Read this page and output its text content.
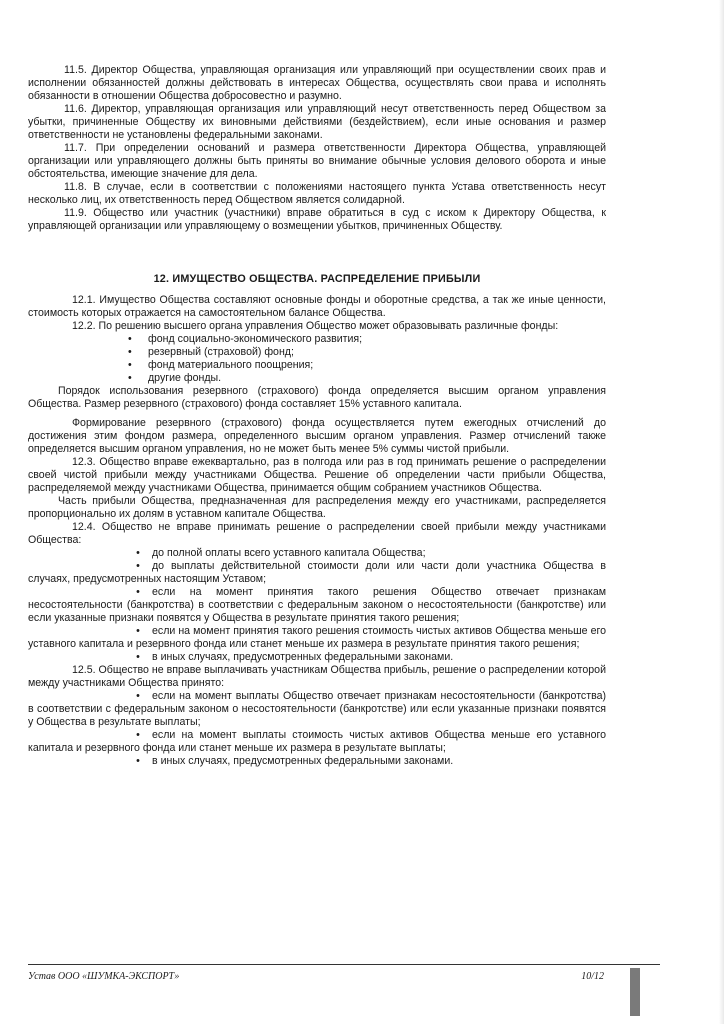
11.5. Директор Общества, управляющая организация или управляющий при осуществлении своих прав и исполнении обязанностей должны действовать в интересах Общества, осуществлять свои права и исполнять обязанности в отношении Общества добросовестно и разумно.

11.6. Директор, управляющая организация или управляющий несут ответственность перед Обществом за убытки, причиненные Обществу их виновными действиями (бездействием), если иные основания и размер ответственности не установлены федеральными законами.

11.7. При определении оснований и размера ответственности Директора Общества, управляющей организации или управляющего должны быть приняты во внимание обычные условия делового оборота и иные обстоятельства, имеющие значение для дела.

11.8. В случае, если в соответствии с положениями настоящего пункта Устава ответственность несут несколько лиц, их ответственность перед Обществом является солидарной.

11.9. Общество или участник (участники) вправе обратиться в суд с иском к Директору Общества, к управляющей организации или управляющему о возмещении убытков, причиненных Обществу.

12. ИМУЩЕСТВО ОБЩЕСТВА. РАСПРЕДЕЛЕНИЕ ПРИБЫЛИ

12.1. Имущество Общества составляют основные фонды и оборотные средства, а так же иные ценности, стоимость которых отражается на самостоятельном балансе Общества.

12.2. По решению высшего органа управления Общество может образовывать различные фонды:

• фонд социально-экономического развития;
• резервный (страховой) фонд;
• фонд материального поощрения;
• другие фонды.

Порядок использования резервного (страхового) фонда определяется высшим органом управления Общества. Размер резервного (страхового) фонда составляет 15% уставного капитала.

Формирование резервного (страхового) фонда осуществляется путем ежегодных отчислений до достижения этим фондом размера, определенного высшим органом управления. Размер отчислений также определяется высшим органом управления, но не может быть менее 5% суммы чистой прибыли.

12.3. Общество вправе ежеквартально, раз в полгода или раз в год принимать решение о распределении своей чистой прибыли между участниками Общества. Решение об определении части прибыли Общества, распределяемой между участниками Общества, принимается общим собранием участников Общества.

Часть прибыли Общества, предназначенная для распределения между его участниками, распределяется пропорционально их долям в уставном капитале Общества.

12.4. Общество не вправе принимать решение о распределении своей прибыли между участниками Общества:

• до полной оплаты всего уставного капитала Общества;

• до выплаты действительной стоимости доли или части доли участника Общества в случаях, предусмотренных настоящим Уставом;

• если на момент принятия такого решения Общество отвечает признакам несостоятельности (банкротства) в соответствии с федеральным законом о несостоятельности (банкротстве) или если указанные признаки появятся у Общества в результате принятия такого решения;

• если на момент принятия такого решения стоимость чистых активов Общества меньше его уставного капитала и резервного фонда или станет меньше их размера в результате принятия такого решения;

• в иных случаях, предусмотренных федеральными законами.

12.5. Общество не вправе выплачивать участникам Общества прибыль, решение о распределении которой между участниками Общества принято:

• если на момент выплаты Общество отвечает признакам несостоятельности (банкротства) в соответствии с федеральным законом о несостоятельности (банкротстве) или если указанные признаки появятся у Общества в результате выплаты;

• если на момент выплаты стоимость чистых активов Общества меньше его уставного капитала и резервного фонда или станет меньше их размера в результате выплаты;

• в иных случаях, предусмотренных федеральными законами.

Устав ООО «ШУМКА-ЭКСПОРТ»	10/12
